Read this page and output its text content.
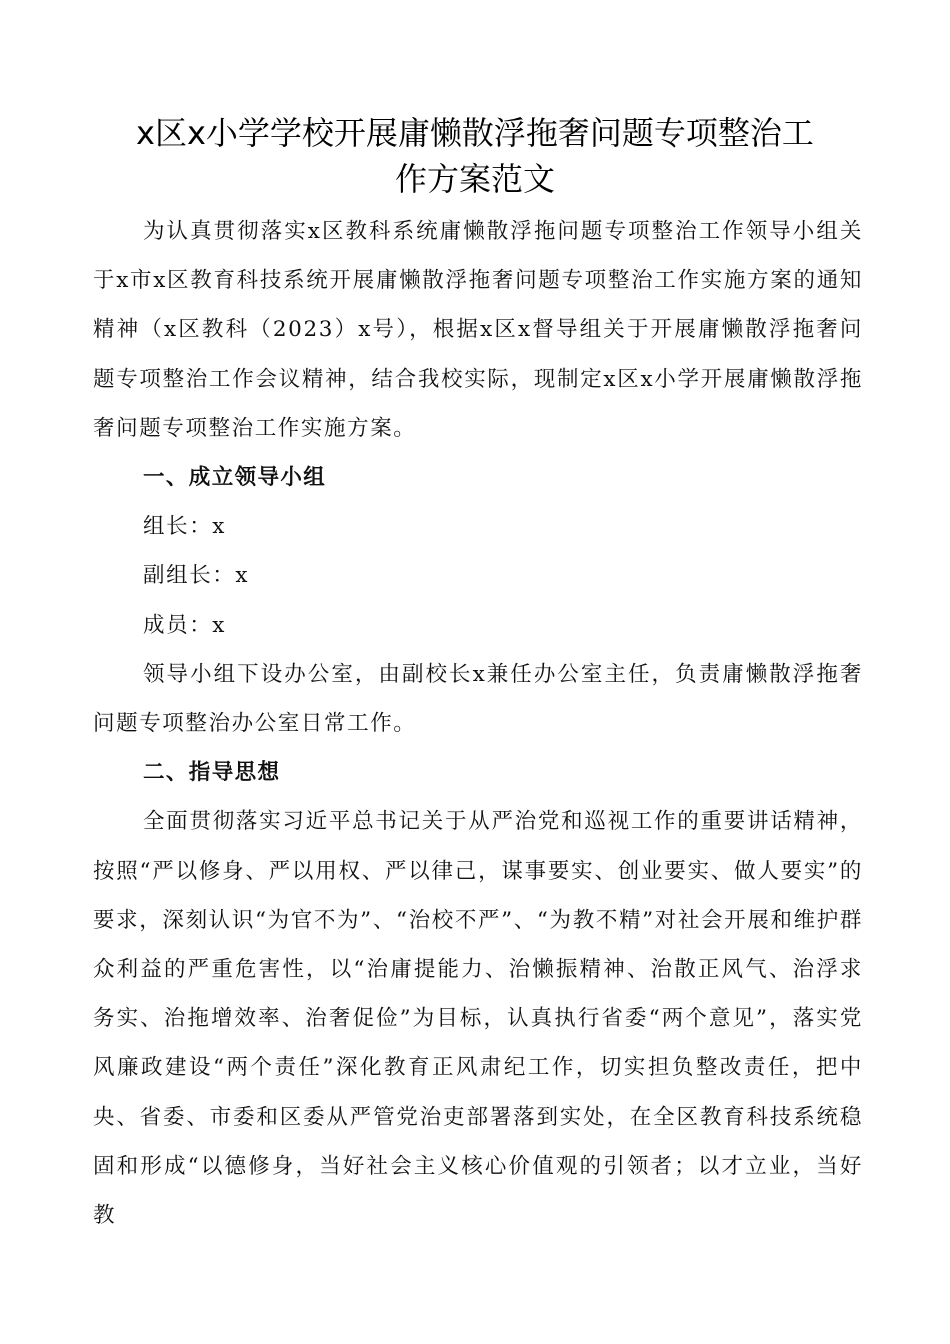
x区x小学学校开展庸懒散浮拖奢问题专项整治工
作方案范文

为认真贯彻落实x区教科系统庸懒散浮拖问题专项整治工作领导小组关于x市x区教育科技系统开展庸懒散浮拖奢问题专项整治工作实施方案的通知精神（x区教科（2023）x号），根据x区x督导组关于开展庸懒散浮拖奢问题专项整治工作会议精神，结合我校实际，现制定x区x小学开展庸懒散浮拖奢问题专项整治工作实施方案。

一、成立领导小组

组长：x

副组长：x

成员：x

领导小组下设办公室，由副校长x兼任办公室主任，负责庸懒散浮拖奢问题专项整治办公室日常工作。

二、指导思想

全面贯彻落实习近平总书记关于从严治党和巡视工作的重要讲话精神，按照“严以修身、严以用权、严以律己，谋事要实、创业要实、做人要实”的要求，深刻认识“为官不为”、“治校不严”、“为教不精”对社会开展和维护群众利益的严重危害性，以“治庸提能力、治懒振精神、治散正风气、治浮求务实、治拖增效率、治奢促俭”为目标，认真执行省委“两个意见”，落实党风廉政建设“两个责任”深化教育正风肃纪工作，切实担负整改责任，把中央、省委、市委和区委从严管党治吏部署落到实处，在全区教育科技系统稳固和形成“以德修身，当好社会主义核心价值观的引领者；以才立业，当好教
